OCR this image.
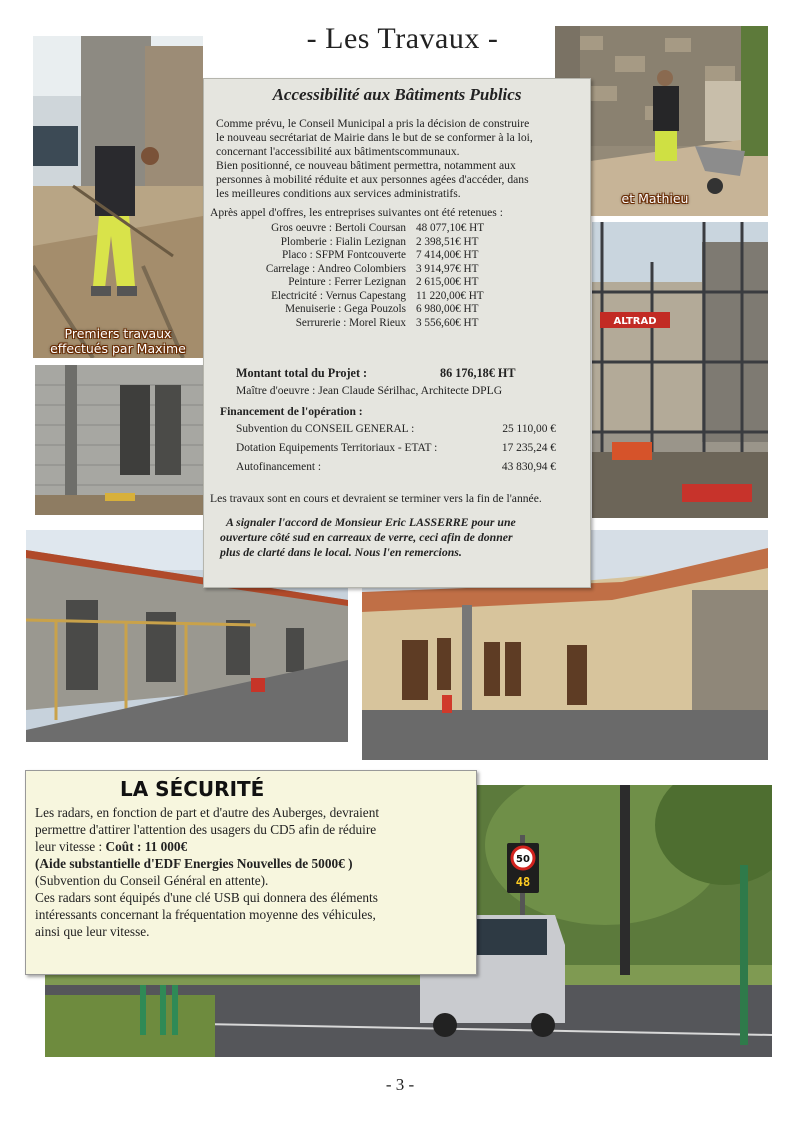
- Les Travaux -
Premiers travaux
effectués par Maxime
et Mathieu
ALTRAD
Accessibilité aux Bâtiments Publics

Comme prévu, le Conseil Municipal a pris la décision de construire

le nouveau secrétariat de Mairie dans le but de se conformer à la loi,

concernant l'accessibilité aux bâtimentscommunaux.

Bien positionné, ce nouveau bâtiment permettra, notamment aux

personnes à mobilité réduite et aux personnes agées d'accéder, dans

les meilleures conditions aux services administratifs.

Après appel d'offres, les entreprises suivantes ont été retenues :

Gros oeuvre : Bertoli Coursan 48 077,10€ HT
Plomberie : Fialin Lezignan 2 398,51€ HT
Placo : SFPM Fontcouverte 7 414,00€ HT
Carrelage : Andreo Colombiers 3 914,97€ HT
Peinture : Ferrer Lezignan 2 615,00€ HT
Electricité : Vernus Capestang 11 220,00€ HT
Menuiserie : Gega Pouzols 6 980,00€ HT
Serrurerie : Morel Rieux 3 556,60€ HT

Montant total du Projet :	86 176,18€ HT

Maître d'oeuvre : Jean Claude Sérilhac, Architecte DPLG

Financement de l'opération :

Subvention du CONSEIL GENERAL :	25 110,00 €
Dotation Equipements Territoriaux - ETAT :	17 235,24 €
Autofinancement :	43 830,94 €

Les travaux sont en cours et devraient se terminer vers la fin de l'année.

A signaler l'accord de Monsieur Eric LASSERRE pour une

ouverture côté sud en carreaux de verre, ceci afin de donner

plus de clarté dans le local. Nous l'en remercions.

50
48
LA SÉCURITÉ
Les radars, en fonction de part et d'autre des Auberges, devraient
permettre d'attirer l'attention des usagers du CD5 afin de réduire
leur vitesse : Coût : 11 000€
(Aide substantielle d'EDF Energies Nouvelles de 5000€ )
(Subvention du Conseil Général en attente).
Ces radars sont équipés d'une clé USB qui donnera des éléments
intéressants concernant la fréquentation moyenne des véhicules,
ainsi que leur vitesse.
- 3 -
